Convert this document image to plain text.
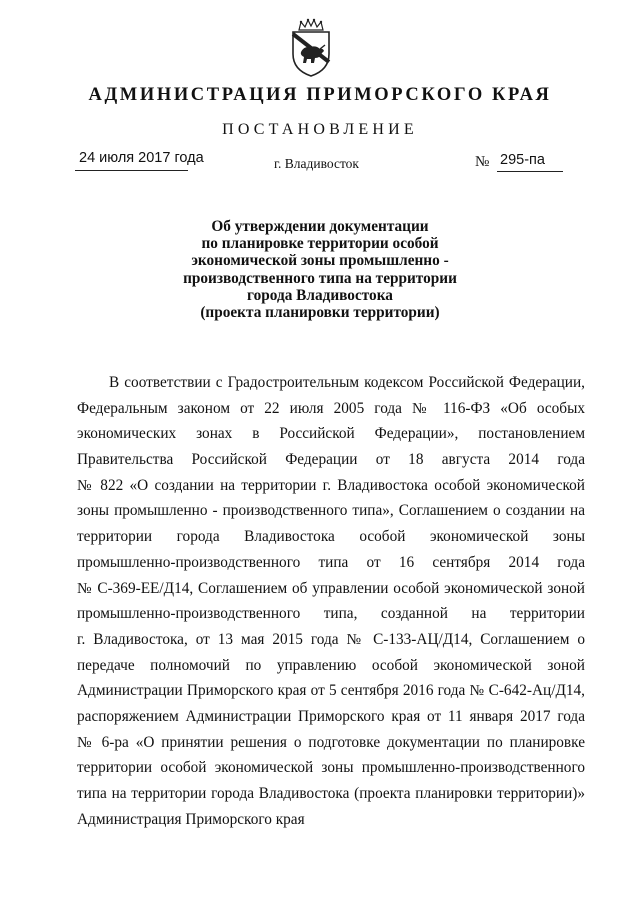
АДМИНИСТРАЦИЯ ПРИМОРСКОГО КРАЯ
ПОСТАНОВЛЕНИЕ
24 июля 2017 года	г. Владивосток	№ 295-па
Об утверждении документации
по планировке территории особой
экономической зоны промышленно -
производственного типа на территории
города Владивостока
(проекта планировки территории)
В соответствии с Градостроительным кодексом Российской Федерации,
Федеральным законом от 22 июля 2005 года № 116-ФЗ «Об особых
экономических зонах в Российской Федерации», постановлением
Правительства Российской Федерации от 18 августа 2014 года
№ 822 «О создании на территории г. Владивостока особой экономической
зоны промышленно - производственного типа», Соглашением о создании на
территории города Владивостока особой экономической зоны
промышленно-производственного типа от 16 сентября 2014 года
№ С-369-ЕЕ/Д14, Соглашением об управлении особой экономической зоной
промышленно-производственного типа, созданной на территории
г. Владивостока, от 13 мая 2015 года № С-133-АЦ/Д14, Соглашением о
передаче полномочий по управлению особой экономической зоной
Администрации Приморского края от 5 сентября 2016 года № С-642-Ац/Д14,
распоряжением Администрации Приморского края от 11 января 2017 года
№ 6-ра «О принятии решения о подготовке документации по планировке
территории особой экономической зоны промышленно-производственного
типа на территории города Владивостока (проекта планировки территории)»
Администрация Приморского края
